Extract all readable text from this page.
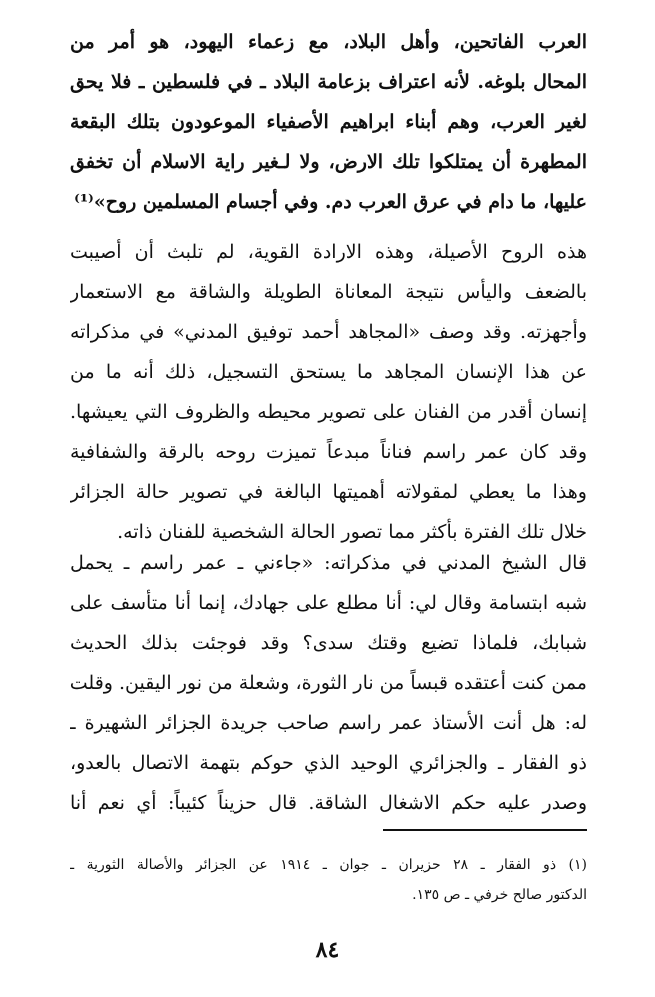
العرب الفاتحين، وأهل البلاد، مع زعماء اليهود، هو أمر من
المحال بلوغه. لأنه اعتراف بزعامة البلاد ـ في فلسطين ـ فلا يحق
لغير العرب، وهم أبناء ابراهيم الأصفياء الموعودون بتلك البقعة
المطهرة أن يمتلكوا تلك الارض، ولا لـغير راية الاسلام أن تخفق
عليها، ما دام في عرق العرب دم. وفي أجسام المسلمين روح»⁽¹⁾
هذه الروح الأصيلة، وهذه الارادة القوية، لم تلبث أن أصيبت
بالضعف واليأس نتيجة المعاناة الطويلة والشاقة مع الاستعمار
وأجهزته. وقد وصف «المجاهد أحمد توفيق المدني» في مذكراته
عن هذا الإنسان المجاهد ما يستحق التسجيل، ذلك أنه ما من
إنسان أقدر من الفنان على تصوير محيطه والظروف التي يعيشها.
وقد كان عمر راسم فناناً مبدعاً تميزت روحه بالرقة والشفافية
وهذا ما يعطي لمقولاته أهميتها البالغة في تصوير حالة الجزائر
خلال تلك الفترة بأكثر مما تصور الحالة الشخصية للفنان ذاته.
قال الشيخ المدني في مذكراته: «جاءني ـ عمر راسم ـ يحمل
شبه ابتسامة وقال لي: أنا مطلع على جهادك، إنما أنا متأسف على
شبابك، فلماذا تضيع وقتك سدى؟ وقد فوجئت بذلك الحديث
ممن كنت أعتقده قبساً من نار الثورة، وشعلة من نور اليقين. وقلت
له: هل أنت الأستاذ عمر راسم صاحب جريدة الجزائر الشهيرة ـ
ذو الفقار ـ والجزائري الوحيد الذي حوكم بتهمة الاتصال بالعدو،
وصدر عليه حكم الاشغال الشاقة. قال حزيناً كئيباً: أي نعم أنا
(١) ذو الفقار ـ ٢٨ حزيران ـ جوان ـ ١٩١٤ عن الجزائر والأصالة الثورية ـ
الدكتور صالح خرفي ـ ص ١٣٥.
٨٤
